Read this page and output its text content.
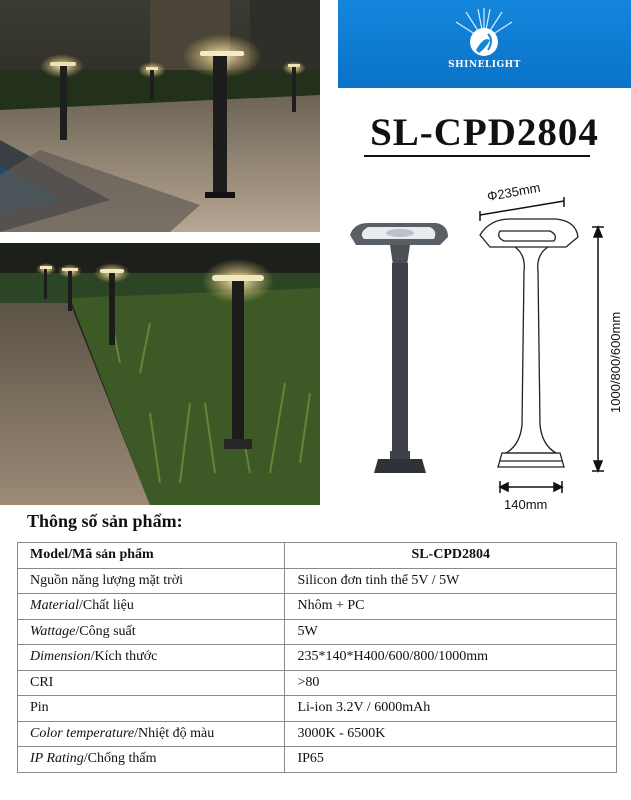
SHINELIGHT
SL-CPD2804
Φ235mm
1000/800/600mm
140mm
Thông số sản phẩm:
Model/Mã sản phẩm	SL-CPD2804
Nguồn năng lượng mặt trời	Silicon đơn tinh thể 5V / 5W
Material/Chất liệu	Nhôm + PC
Wattage/Công suất	5W
Dimension/Kích thước	235*140*H400/600/800/1000mm
CRI	>80
Pin	Li-ion 3.2V / 6000mAh
Color temperature/Nhiệt độ màu	3000K - 6500K
IP Rating/Chống thấm	IP65
